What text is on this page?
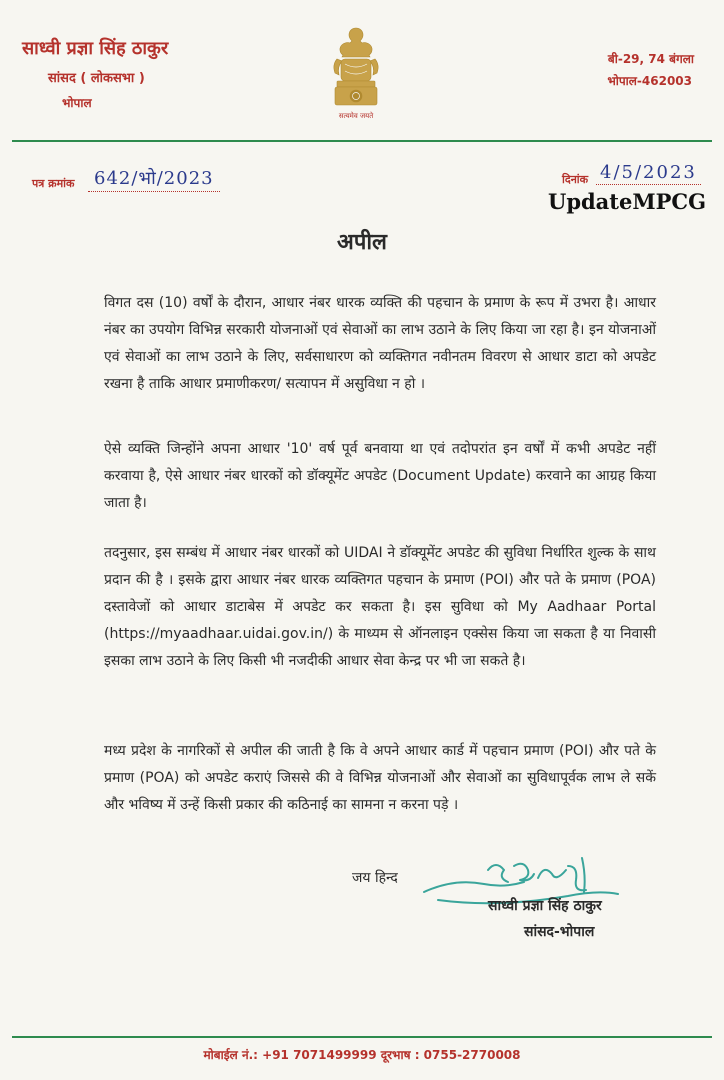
साध्वी प्रज्ञा सिंह ठाकुर
सांसद ( लोकसभा )
भोपाल
सत्यमेव जयते
बी-29, 74 बंगला
भोपाल-462003
पत्र क्रमांक	642/भो/2023	दिनांक 4/5/2023
UpdateMPCG
अपील

विगत दस (10) वर्षों के दौरान, आधार नंबर धारक व्यक्ति की पहचान के प्रमाण के रूप में उभरा है। आधार नंबर का उपयोग विभिन्न सरकारी योजनाओं एवं सेवाओं का लाभ उठाने के लिए किया जा रहा है। इन योजनाओं एवं सेवाओं का लाभ उठाने के लिए, सर्वसाधारण को व्यक्तिगत नवीनतम विवरण से आधार डाटा को अपडेट रखना है ताकि आधार प्रमाणीकरण/ सत्यापन में असुविधा न हो ।

ऐसे व्यक्ति जिन्होंने अपना आधार '10' वर्ष पूर्व बनवाया था एवं तदोपरांत इन वर्षों में कभी अपडेट नहीं करवाया है, ऐसे आधार नंबर धारकों को डॉक्यूमेंट अपडेट (Document Update) करवाने का आग्रह किया जाता है।

तदनुसार, इस सम्बंध में आधार नंबर धारकों को UIDAI ने डॉक्यूमेंट अपडेट की सुविधा निर्धारित शुल्क के साथ प्रदान की है । इसके द्वारा आधार नंबर धारक व्यक्तिगत पहचान के प्रमाण (POI) और पते के प्रमाण (POA) दस्तावेजों को आधार डाटाबेस में अपडेट कर सकता है। इस सुविधा को My Aadhaar Portal (https://myaadhaar.uidai.gov.in/) के माध्यम से ऑनलाइन एक्सेस किया जा सकता है या निवासी इसका लाभ उठाने के लिए किसी भी नजदीकी आधार सेवा केन्द्र पर भी जा सकते है।

मध्य प्रदेश के नागरिकों से अपील की जाती है कि वे अपने आधार कार्ड में पहचान प्रमाण (POI) और पते के प्रमाण (POA) को अपडेट कराएं जिससे की वे विभिन्न योजनाओं और सेवाओं का सुविधापूर्वक लाभ ले सकें और भविष्य में उन्हें किसी प्रकार की कठिनाई का सामना न करना पड़े ।

जय हिन्द
साध्वी प्रज्ञा सिंह ठाकुर
सांसद-भोपाल
मोबाईल नं.: +91 7071499999 दूरभाष : 0755-2770008
